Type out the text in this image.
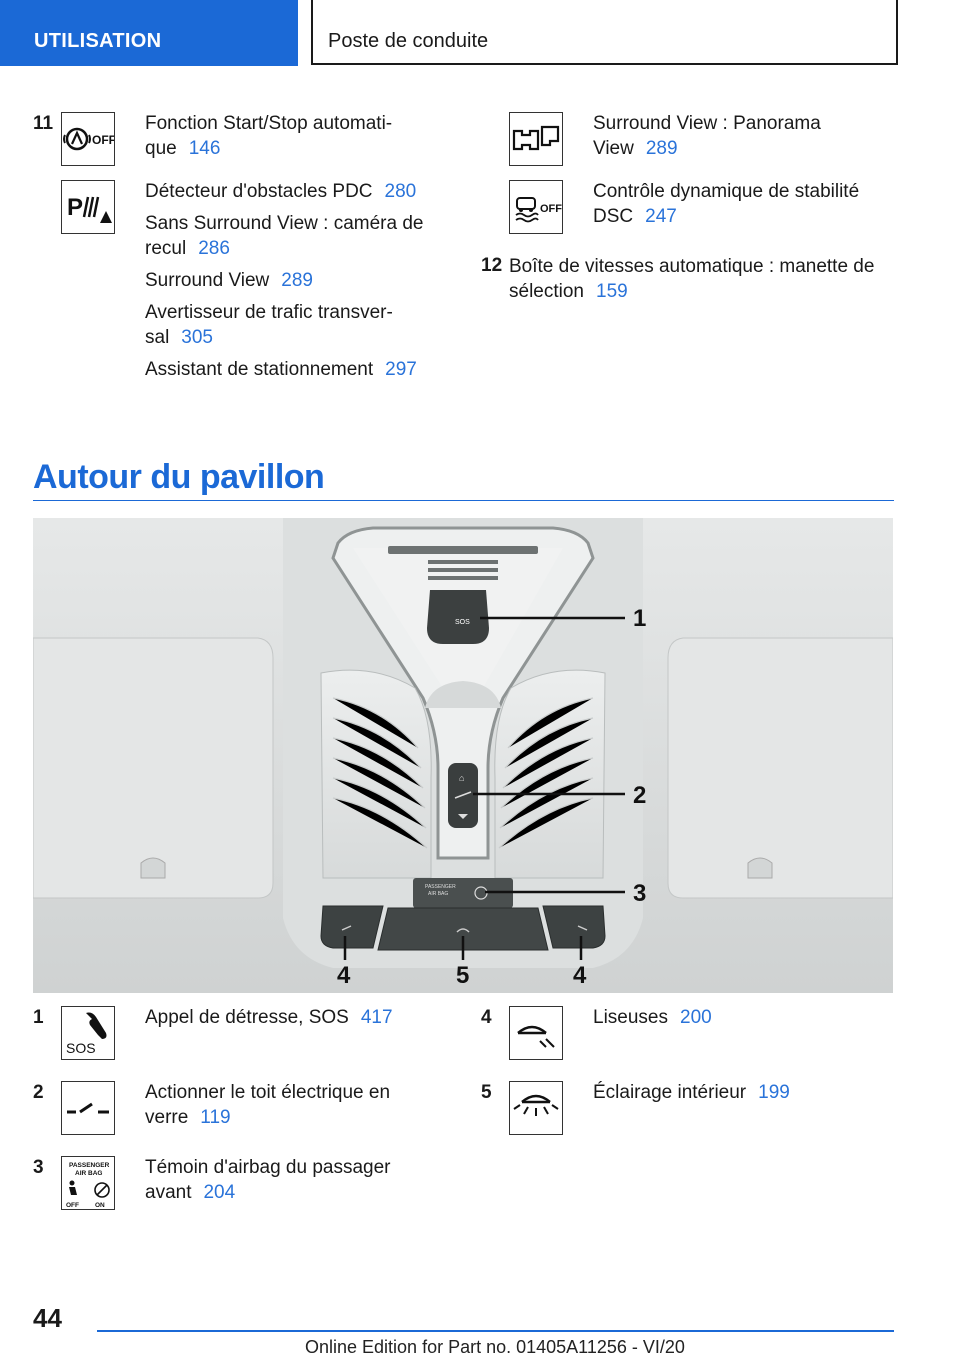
UTILISATION	Poste de conduite
11
OFF
Fonction Start/Stop automati-
que 146
P
Détecteur d'obstacles PDC 280
Sans Surround View : caméra de
recul 286
Surround View 289
Avertisseur de trafic transver-
sal 305
Assistant de stationnement 297
Surround View : Panorama
View 289
OFF
Contrôle dynamique de stabilité
DSC 247
12 Boîte de vitesses automatique : manette de
sélection 159
Autour du pavillon
SOS
⌂
PASSENGER
AIR BAG
1
2
3
4	5	4
1
SOS
Appel de détresse, SOS 417
2	Actionner le toit électrique en
verre 119
3	PASSENGER
AIR BAG
OFF ON
Témoin d'airbag du passager
avant 204
4	Liseuses 200
5	Éclairage intérieur 199
44
Online Edition for Part no. 01405A11256 - VI/20
